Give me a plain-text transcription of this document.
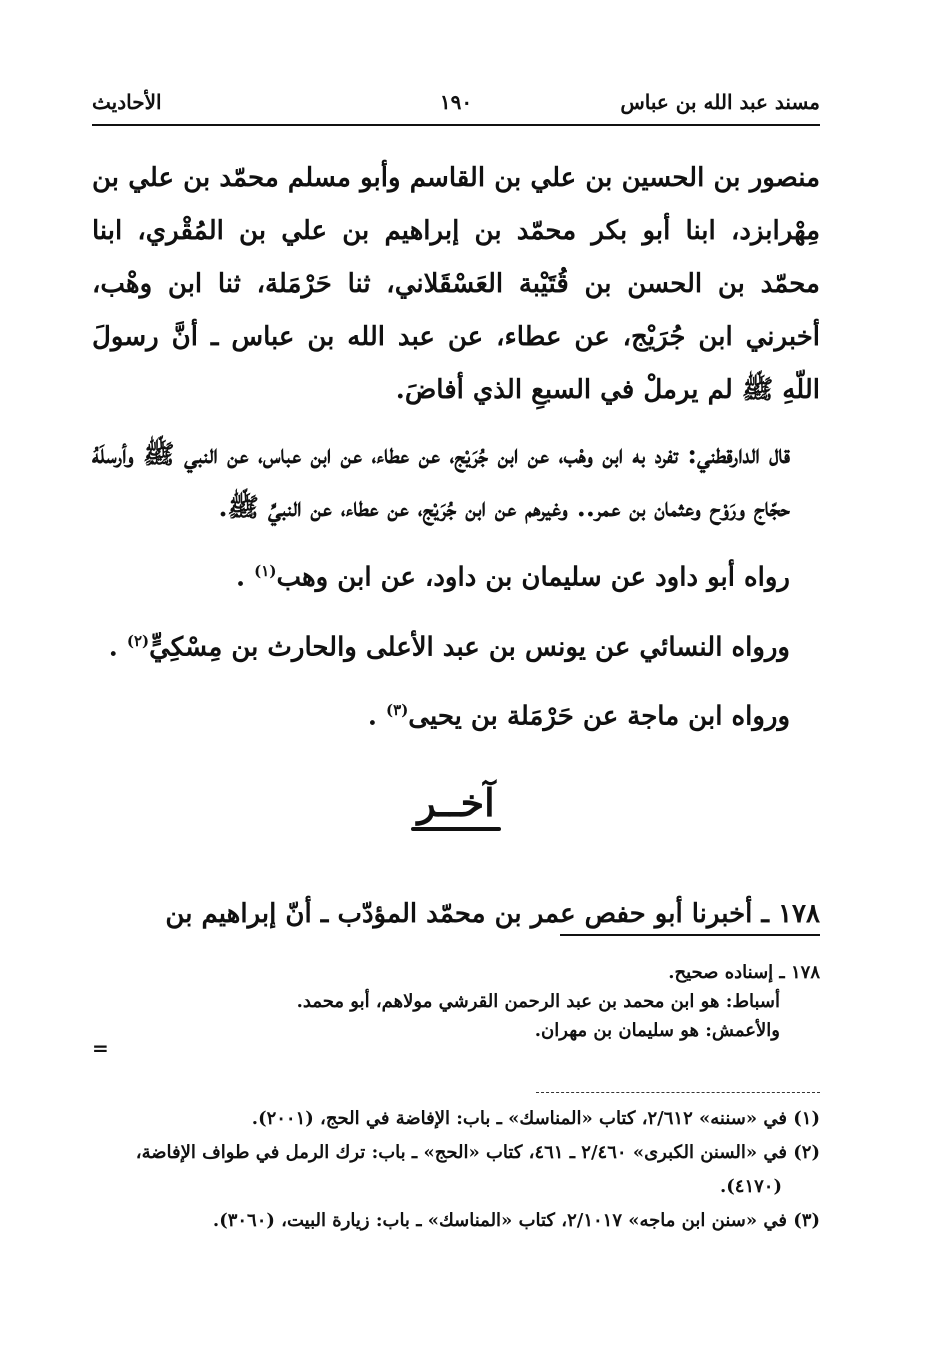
مسند عبد الله بن عباس
١٩٠
الأحاديث

منصور بن الحسين بن علي بن القاسم وأبو مسلم محمّد بن علي بن مِهْرابزد، ابنا أبو بكر محمّد بن إبراهيم بن علي بن المُقْري، ابنا محمّد بن الحسن بن قُتَيْبة العَسْقَلاني، ثنا حَرْمَلة، ثنا ابن وهْب، أخبرني ابن جُرَيْج، عن عطاء، عن عبد الله بن عباس ـ أنَّ رسولَ اللّهِ ﷺ لم يرملْ في السبعِ الذي أفاضَ.

قال الدارقطني: تفرد به ابن وهْب، عن ابن جُرَيْج، عن عطاء، عن ابن عباس، عن النبي ﷺ وأرسلَهُ حجّاج ورَوْح وعثمان بن عمر.. وغيرهم عن ابن جُرَيْج، عن عطاء، عن النبيِّ ﷺ.

رواه أبو داود عن سليمان بن داود، عن ابن وهب$^{(١)}$ .

ورواه النسائي عن يونس بن عبد الأعلى والحارث بن مِسْكِيٍّ$^{(٢)}$ .

ورواه ابن ماجة عن حَرْمَلة بن يحيى$^{(٣)}$ .

آخــر

١٧٨ ـ أخبرنا أبو حفص عمر بن محمّد المؤدّب ـ أنّ إبراهيم بن

١٧٨ ـ إسناده صحيح.

أسباط: هو ابن محمد بن عبد الرحمن القرشي مولاهم، أبو محمد.

والأعمش: هو سليمان بن مهران.

=

(١) في «سننه» ٢/٦١٢، كتاب «المناسك» ـ باب: الإفاضة في الحج، (٢٠٠١).

(٢) في «السنن الكبرى» ٢/٤٦٠ ـ ٤٦١، كتاب «الحج» ـ باب: ترك الرمل في طواف الإفاضة،

(٤١٧٠).

(٣) في «سنن ابن ماجه» ٢/١٠١٧، كتاب «المناسك» ـ باب: زيارة البيت، (٣٠٦٠).
